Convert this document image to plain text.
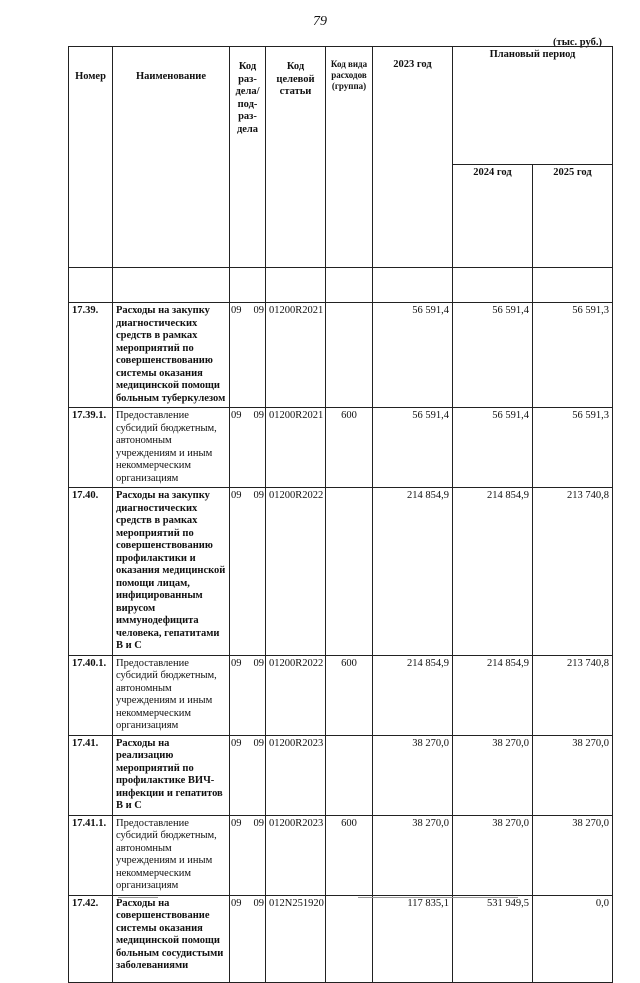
79
(тыс. руб.)
Номер	Наименование	Код раз-дела/ под-раз-дела	Код целевой статьи	Код вида расходов (группа)	2023 год	Плановый период	
						2024 год	2025 год

17.39.	Расходы на закупку диагностических средств в рамках мероприятий по совершенствованию системы оказания медицинской помощи больным туберкулезом	09 09	01200R2021		56 591,4	56 591,4	56 591,3
17.39.1.	Предоставление субсидий бюджетным, автономным учреждениям и иным некоммерческим организациям	09 09	01200R2021	600	56 591,4	56 591,4	56 591,3
17.40.	Расходы на закупку диагностических средств в рамках мероприятий по совершенствованию профилактики и оказания медицинской помощи лицам, инфицированным вирусом иммунодефицита человека, гепатитами В и С	09 09	01200R2022		214 854,9	214 854,9	213 740,8
17.40.1.	Предоставление субсидий бюджетным, автономным учреждениям и иным некоммерческим организациям	09 09	01200R2022	600	214 854,9	214 854,9	213 740,8
17.41.	Расходы на реализацию мероприятий по профилактике ВИЧ-инфекции и гепатитов В и С	09 09	01200R2023		38 270,0	38 270,0	38 270,0
17.41.1.	Предоставление субсидий бюджетным, автономным учреждениям и иным некоммерческим организациям	09 09	01200R2023	600	38 270,0	38 270,0	38 270,0
17.42.	Расходы на совершенствование системы оказания медицинской помощи больным сосудистыми заболеваниями	09 09	012N251920		117 835,1	531 949,5	0,0
